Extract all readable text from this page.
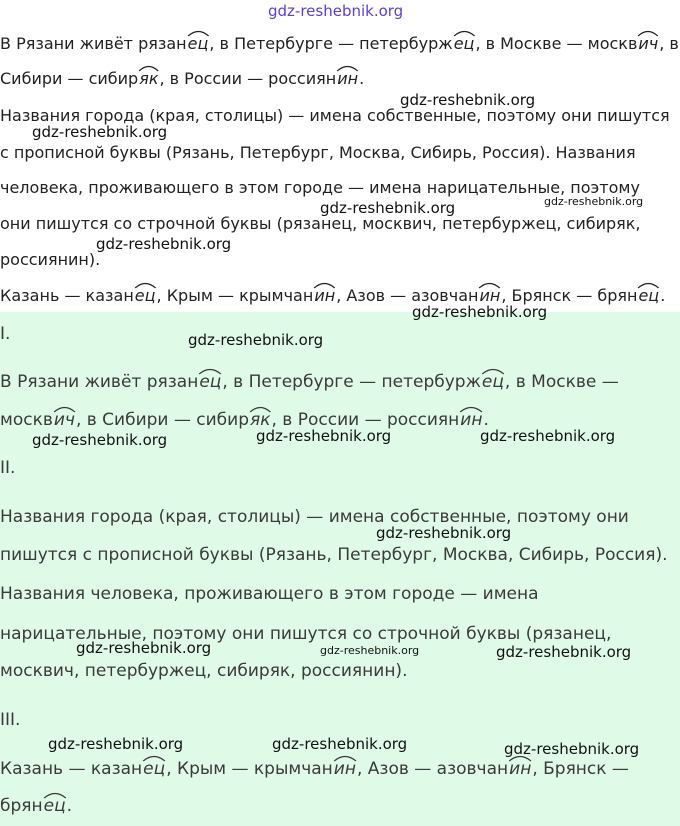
gdz-reshebnik.org
В Рязани живёт рязан
ец, в Петербурге — петербурж
ец, в Москве — москв
ич, в
Сибири — сибир
як, в России — россиян
ин.
Названия города (края, столицы) — имена собственные, поэтому они пишутся
с прописной буквы (Рязань, Петербург, Москва, Сибирь, Россия). Названия
человека, проживающего в этом городе — имена нарицательные, поэтому
они пишутся со строчной буквы (рязанец, москвич, петербуржец, сибиряк,
россиянин).
Казань — казан
ец, Крым — крымчан
ин, Азов — азовчан
ин, Брянск — брян
ец.
I.
В Рязани живёт рязан
ец, в Петербурге — петербурж
ец, в Москве —
москв
ич, в Сибири — сибир
як, в России — россиян
ин.
II.
Названия города (края, столицы) — имена собственные, поэтому они
пишутся с прописной буквы (Рязань, Петербург, Москва, Сибирь, Россия).
Названия человека, проживающего в этом городе — имена
нарицательные, поэтому они пишутся со строчной буквы (рязанец,
москвич, петербуржец, сибиряк, россиянин).
III.
Казань — казан
ец, Крым — крымчан
ин, Азов — азовчан
ин, Брянск —
брян
ец.
gdz-reshebnik.org
gdz-reshebnik.org
gdz-reshebnik.org	gdz-reshebnik.org
gdz-reshebnik.org
gdz-reshebnik.org
gdz-reshebnik.org
gdz-reshebnik.org	gdz-reshebnik.org	gdz-reshebnik.org
gdz-reshebnik.org
gdz-reshebnik.org	gdz-reshebnik.org	gdz-reshebnik.org
gdz-reshebnik.org	gdz-reshebnik.org	gdz-reshebnik.org
